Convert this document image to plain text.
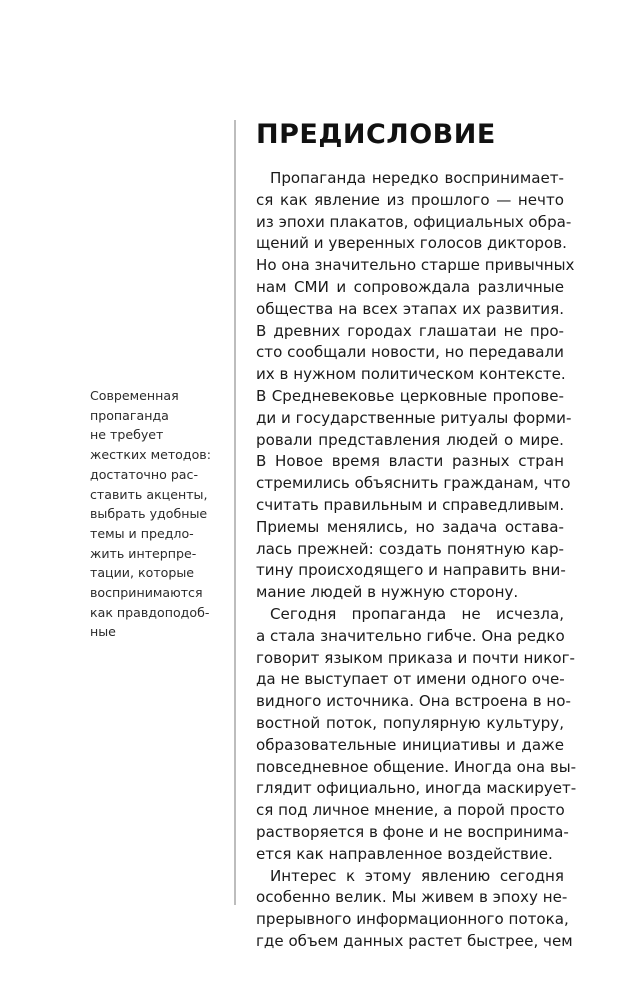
Современная
пропаганда
не требует
жестких методов:
достаточно рас-
ставить акценты,
выбрать удобные
темы и предло-
жить интерпре-
тации, которые
воспринимаются
как правдоподоб-
ные
ПРЕДИСЛОВИЕ
Пропаганда нередко воспринимает-
ся как явление из прошлого — нечто
из эпохи плакатов, официальных обра-
щений и уверенных голосов дикторов.
Но она значительно старше привычных
нам СМИ и сопровождала различные
общества на всех этапах их развития.
В древних городах глашатаи не про-
сто сообщали новости, но передавали
их в нужном политическом контексте.
В Средневековье церковные пропове-
ди и государственные ритуалы форми-
ровали представления людей о мире.
В Новое время власти разных стран
стремились объяснить гражданам, что
считать правильным и справедливым.
Приемы менялись, но задача остава-
лась прежней: создать понятную кар-
тину происходящего и направить вни-
мание людей в нужную сторону.
Сегодня пропаганда не исчезла,
а стала значительно гибче. Она редко
говорит языком приказа и почти никог-
да не выступает от имени одного оче-
видного источника. Она встроена в но-
востной поток, популярную культуру,
образовательные инициативы и даже
повседневное общение. Иногда она вы-
глядит официально, иногда маскирует-
ся под личное мнение, а порой просто
растворяется в фоне и не воспринима-
ется как направленное воздействие.
Интерес к этому явлению сегодня
особенно велик. Мы живем в эпоху не-
прерывного информационного потока,
где объем данных растет быстрее, чем
